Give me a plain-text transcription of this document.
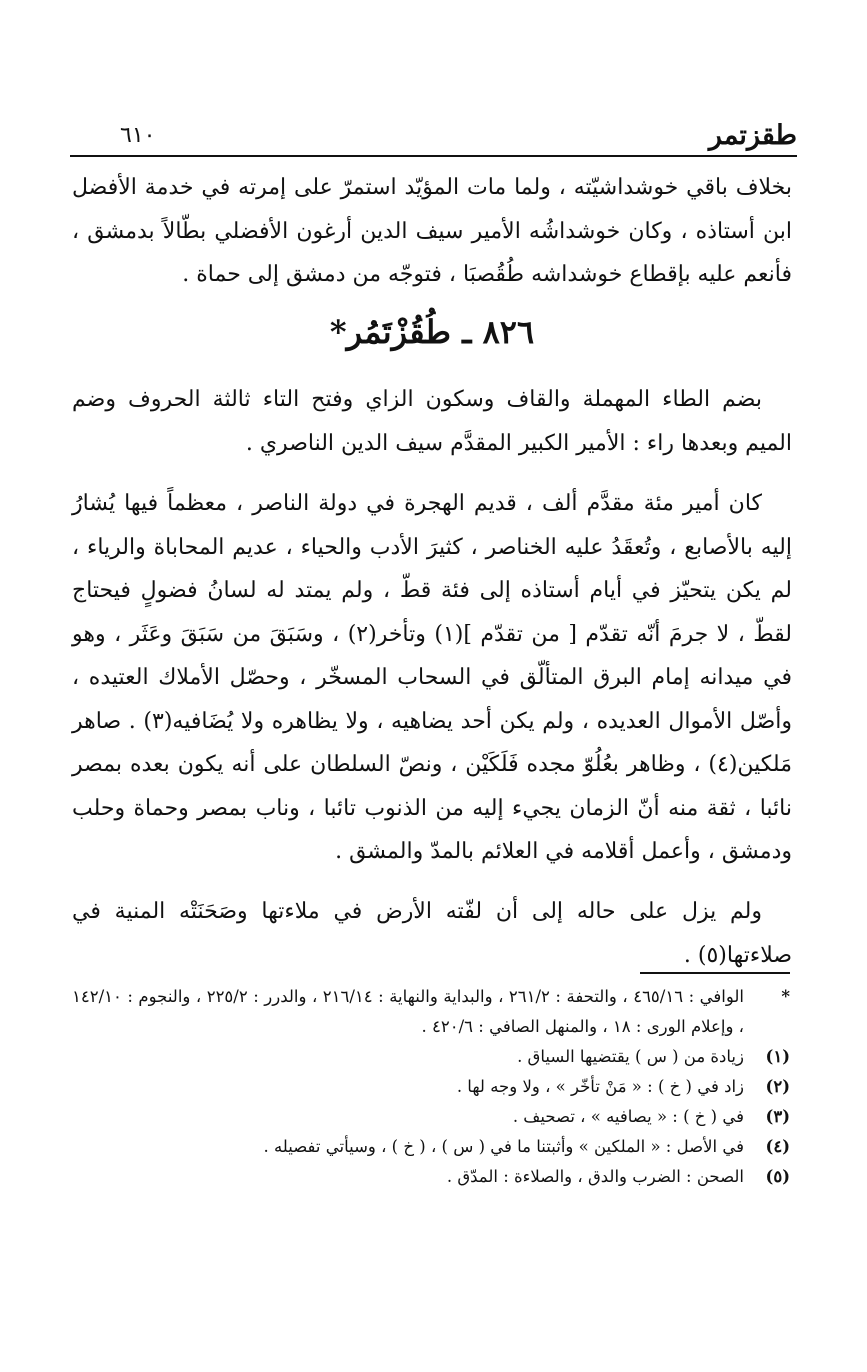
طقزتمر
٦١٠
بخلاف باقي خوشداشيّته ، ولما مات المؤيّد استمرّ على إمرته في خدمة الأفضل ابن أستاذه ، وكان خوشداشُه الأمير سيف الدين أرغون الأفضلي بطّالاً بدمشق ، فأنعم عليه بإقطاع خوشداشه طُقُصبَا ، فتوجّه من دمشق إلى حماة .
٨٢٦ ـ طُقُزْتَمُر*
بضم الطاء المهملة والقاف وسكون الزاي وفتح التاء ثالثة الحروف وضم الميم وبعدها راء : الأمير الكبير المقدَّم سيف الدين الناصري .
كان أمير مئة مقدَّم ألف ، قديم الهجرة في دولة الناصر ، معظماً فيها يُشارُ إليه بالأصابع ، وتُعقَدُ عليه الخناصر ، كثيرَ الأدب والحياء ، عديم المحاباة والرياء ، لم يكن يتحيّز في أيام أستاذه إلى فئة قطّ ، ولم يمتد له لسانُ فضولٍ فيحتاج لقطّ ، لا جرمَ أنّه تقدّم [ من تقدّم ](١) وتأخر(٢) ، وسَبَقَ من سَبَقَ وعَثَر ، وهو في ميدانه إمام البرق المتألّق في السحاب المسخّر ، وحصّل الأملاك العتيده ، وأصّل الأموال العديده ، ولم يكن أحد يضاهيه ، ولا يظاهره ولا يُضَافيه(٣) . صاهر مَلكين(٤) ، وظاهر بعُلُوّ مجده فَلَكَيْن ، ونصّ السلطان على أنه يكون بعده بمصر نائبا ، ثقة منه أنّ الزمان يجيء إليه من الذنوب تائبا ، وناب بمصر وحماة وحلب ودمشق ، وأعمل أقلامه في العلائم بالمدّ والمشق .
ولم يزل على حاله إلى أن لفّته الأرض في ملاءتها وصَحَنَتْه المنية في صلاءتها(٥) .
*
الوافي : ٤٦٥/١٦ ، والتحفة : ٢٦١/٢ ، والبداية والنهاية : ٢١٦/١٤ ، والدرر : ٢٢٥/٢ ، والنجوم : ١٤٢/١٠ ، وإعلام الورى : ١٨ ، والمنهل الصافي : ٤٢٠/٦ .
(١)
زيادة من ( س ) يقتضيها السياق .
(٢)
زاد في ( خ ) : « مَنْ تأخّر » ، ولا وجه لها .
(٣)
في ( خ ) : « يصافيه » ، تصحيف .
(٤)
في الأصل : « الملكين » وأثبتنا ما في ( س ) ، ( خ ) ، وسيأتي تفصيله .
(٥)
الصحن : الضرب والدق ، والصلاءة : المدّق .
